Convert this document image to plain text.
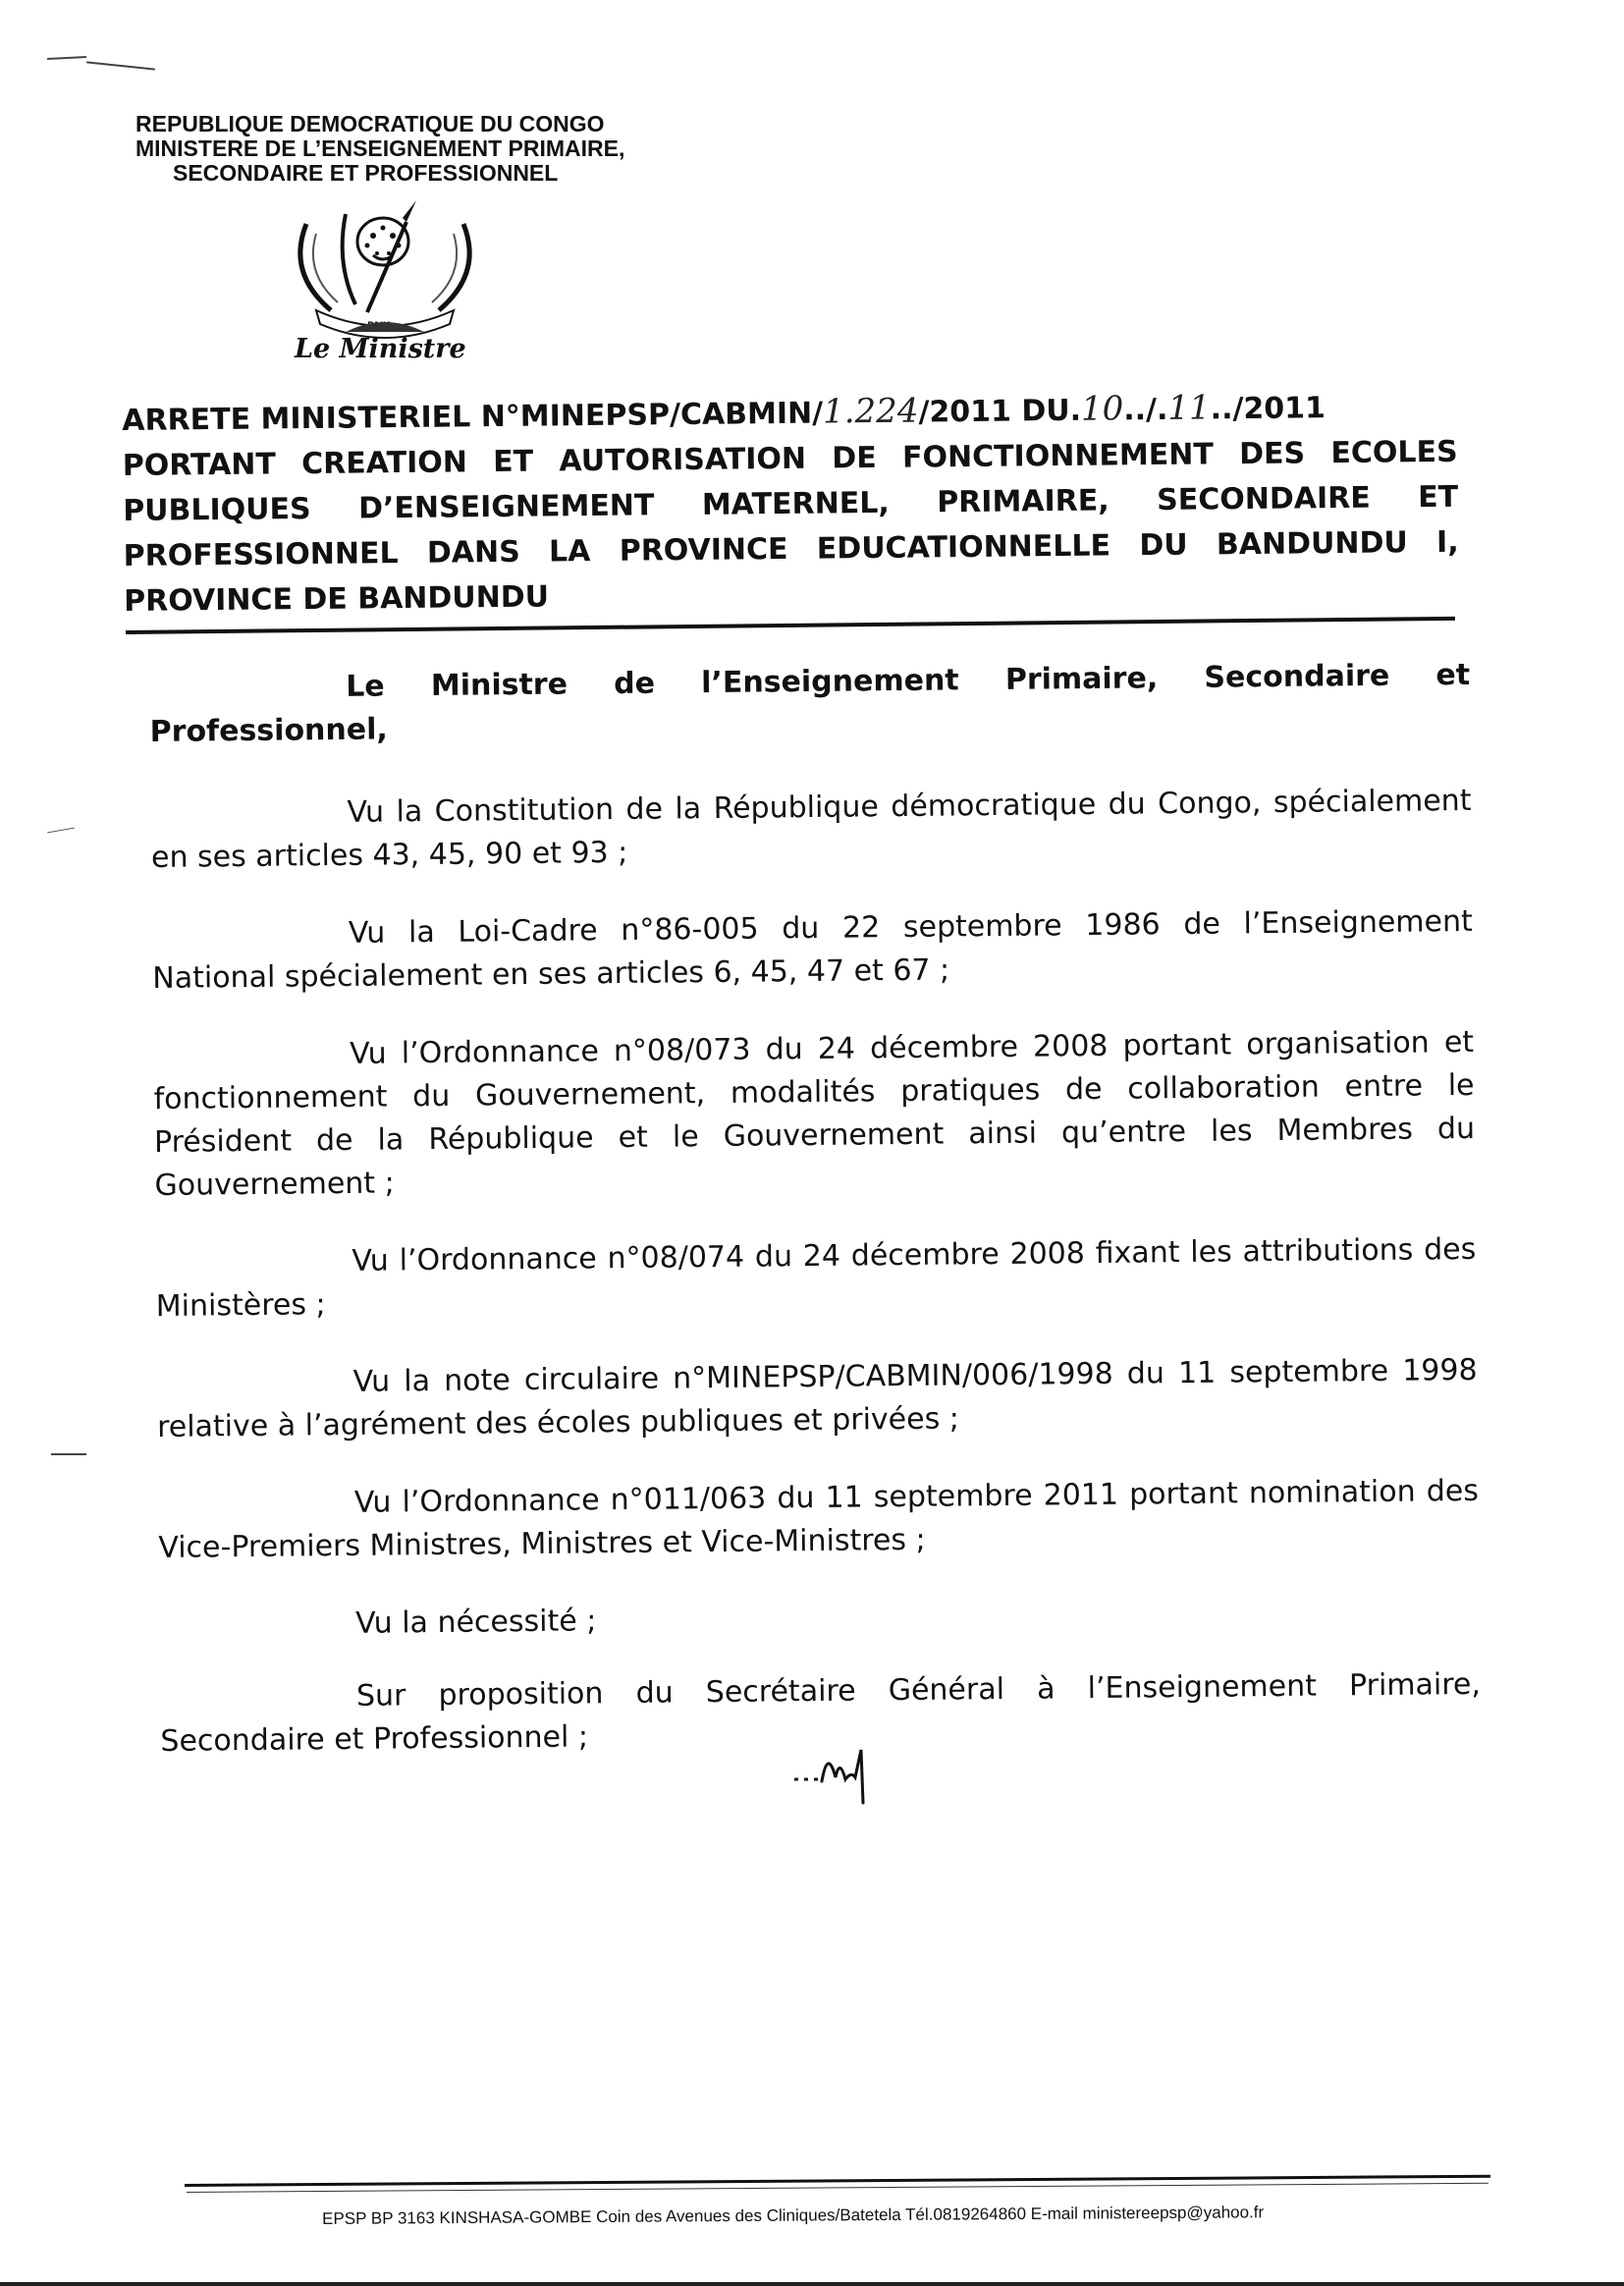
REPUBLIQUE DEMOCRATIQUE DU CONGO
MINISTERE DE L’ENSEIGNEMENT PRIMAIRE,
SECONDAIRE ET PROFESSIONNEL
Le Ministre
ARRETE MINISTERIEL N°MINEPSP/CABMIN/1.224/2011 DU.10../.11../2011
PORTANT CREATION ET AUTORISATION DE FONCTIONNEMENT DES ECOLES
PUBLIQUES D’ENSEIGNEMENT MATERNEL, PRIMAIRE, SECONDAIRE ET
PROFESSIONNEL DANS LA PROVINCE EDUCATIONNELLE DU BANDUNDU I,
PROVINCE DE BANDUNDU

Le Ministre de l’Enseignement Primaire, Secondaire et Professionnel,

Vu la Constitution de la République démocratique du Congo, spécialement en ses articles 43, 45, 90 et 93 ;

Vu la Loi-Cadre n°86-005 du 22 septembre 1986 de l’Enseignement National spécialement en ses articles 6, 45, 47 et 67 ;

Vu l’Ordonnance n°08/073 du 24 décembre 2008 portant organisation et fonctionnement du Gouvernement, modalités pratiques de collaboration entre le Président de la République et le Gouvernement ainsi qu’entre les Membres du Gouvernement ;

Vu l’Ordonnance n°08/074 du 24 décembre 2008 fixant les attributions des Ministères ;

Vu la note circulaire n°MINEPSP/CABMIN/006/1998 du 11 septembre 1998 relative à l’agrément des écoles publiques et privées ;

Vu l’Ordonnance n°011/063 du 11 septembre 2011 portant nomination des Vice-Premiers Ministres, Ministres et Vice-Ministres ;

Vu la nécessité ;

Sur proposition du Secrétaire Général à l’Enseignement Primaire, Secondaire et Professionnel ;

EPSP BP 3163 KINSHASA-GOMBE Coin des Avenues des Cliniques/Batetela Tél.0819264860 E-mail ministereepsp@yahoo.fr
